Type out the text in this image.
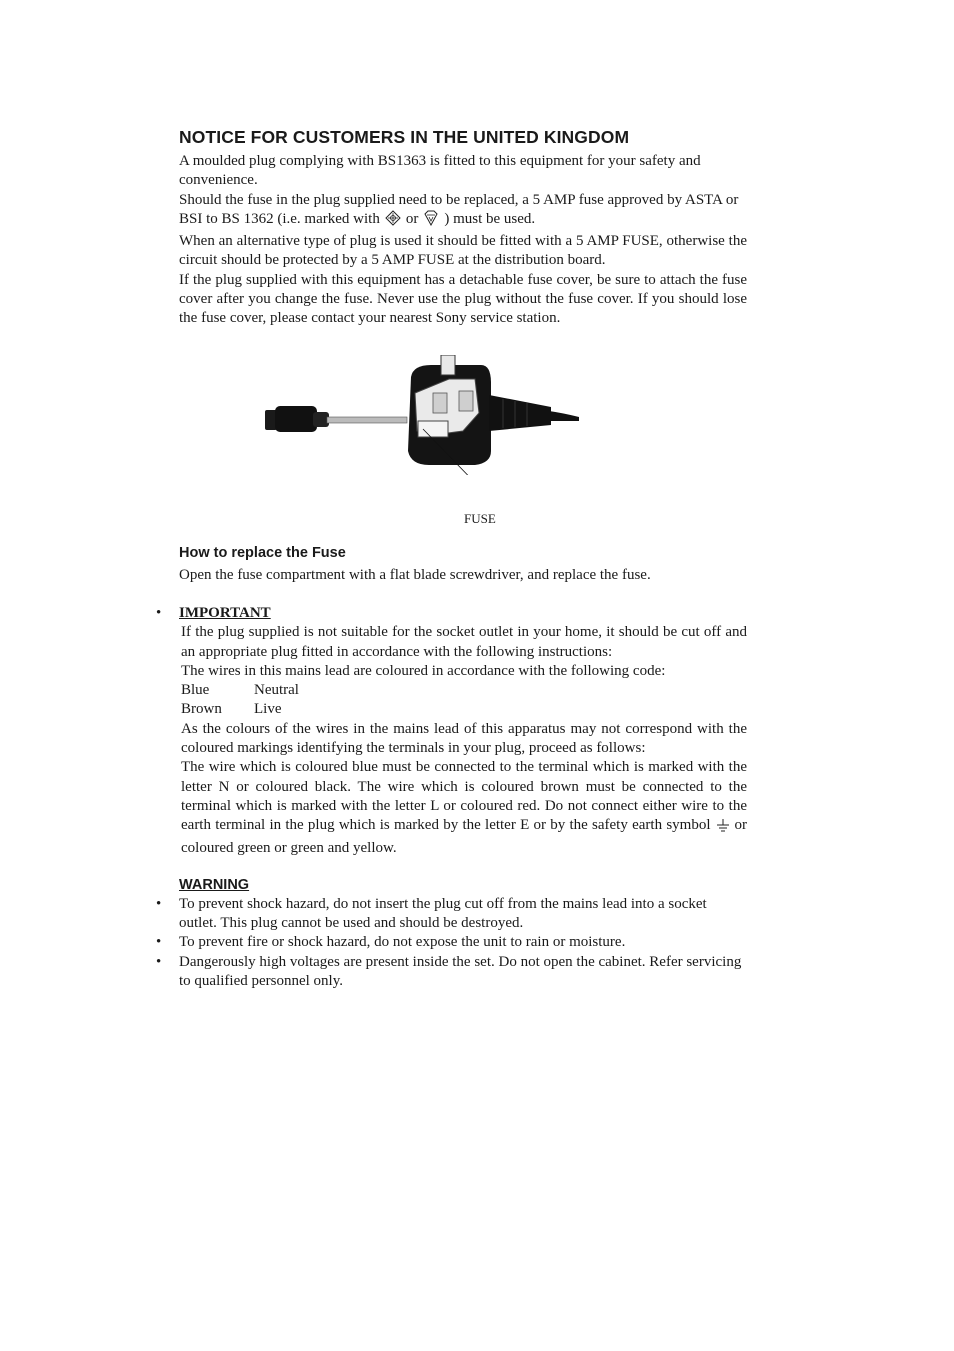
NOTICE FOR CUSTOMERS IN THE UNITED KINGDOM

A moulded plug complying with BS1363 is fitted to this equipment for your safety and convenience.

Should the fuse in the plug supplied need to be replaced, a 5 AMP fuse approved by ASTA or BSI to BS 1362 (i.e. marked with or ) must be used.

When an alternative type of plug is used it should be fitted with a 5 AMP FUSE, otherwise the circuit should be protected by a 5 AMP FUSE at the distribution board.

If the plug supplied with this equipment has a detachable fuse cover, be sure to attach the fuse cover after you change the fuse. Never use the plug without the fuse cover. If you should lose the fuse cover, please contact your nearest Sony service station.

FUSE
How to replace the Fuse

Open the fuse compartment with a flat blade screwdriver, and replace the fuse.

• IMPORTANT

If the plug supplied is not suitable for the socket outlet in your home, it should be cut off and an appropriate plug fitted in accordance with the following instructions:

The wires in this mains lead are coloured in accordance with the following code:

Blue	Neutral
Brown	Live

As the colours of the wires in the mains lead of this apparatus may not correspond with the coloured markings identifying the terminals in your plug, proceed as follows:

The wire which is coloured blue must be connected to the terminal which is marked with the letter N or coloured black. The wire which is coloured brown must be connected to the terminal which is marked with the letter L or coloured red. Do not connect either wire to the earth terminal in the plug which is marked by the letter E or by the safety earth symbol or coloured green or green and yellow.

WARNING
• To prevent shock hazard, do not insert the plug cut off from the mains lead into a socket outlet. This plug cannot be used and should be destroyed.
• To prevent fire or shock hazard, do not expose the unit to rain or moisture.
• Dangerously high voltages are present inside the set. Do not open the cabinet. Refer servicing to qualified personnel only.
